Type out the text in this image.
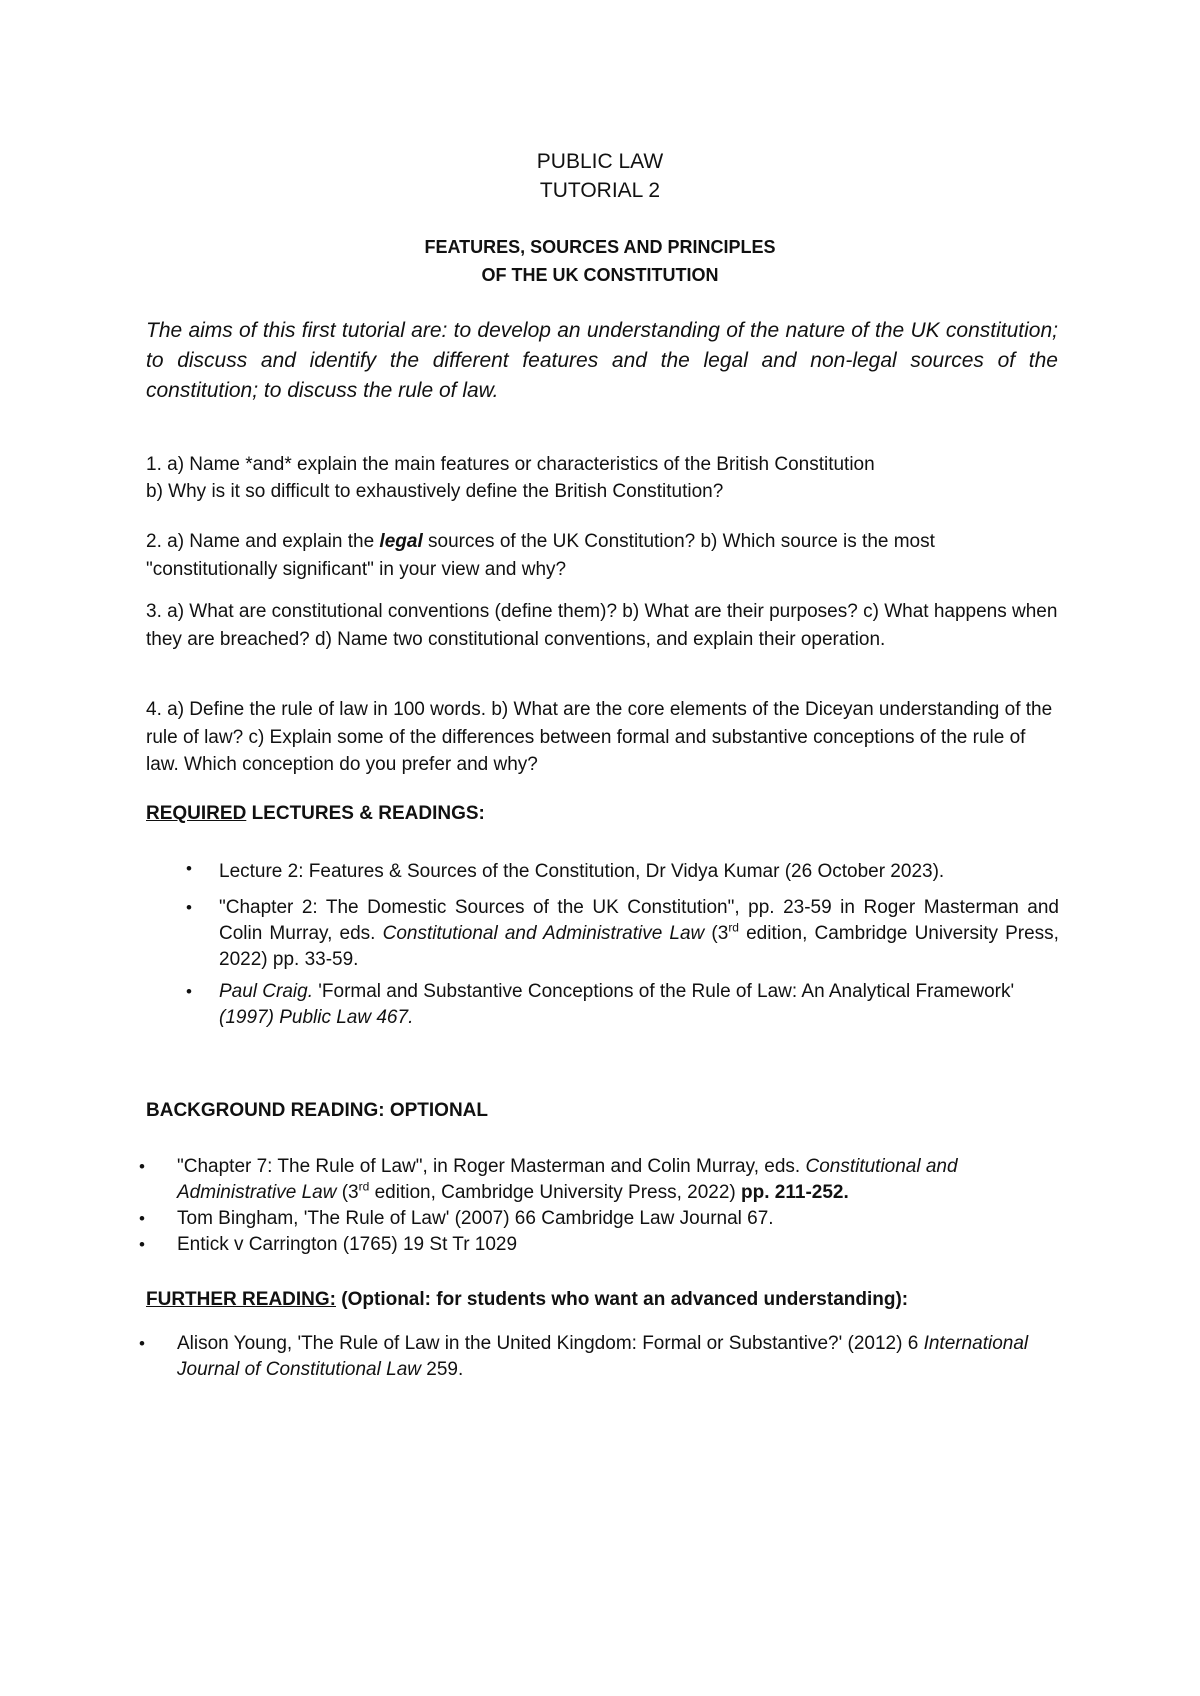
PUBLIC LAW
TUTORIAL 2
FEATURES, SOURCES AND PRINCIPLES
OF THE UK CONSTITUTION
The aims of this first tutorial are: to develop an understanding of the nature of the UK constitution; to discuss and identify the different features and the legal and non-legal sources of the constitution; to discuss the rule of law.
1. a) Name *and* explain the main features or characteristics of the British Constitution
b) Why is it so difficult to exhaustively define the British Constitution?
2. a) Name and explain the legal sources of the UK Constitution? b) Which source is the most "constitutionally significant" in your view and why?
3. a) What are constitutional conventions (define them)? b) What are their purposes? c) What happens when they are breached? d) Name two constitutional conventions, and explain their operation.
4. a) Define the rule of law in 100 words. b) What are the core elements of the Diceyan understanding of the rule of law? c) Explain some of the differences between formal and substantive conceptions of the rule of law. Which conception do you prefer and why?
REQUIRED LECTURES & READINGS:
• Lecture 2: Features & Sources of the Constitution, Dr Vidya Kumar (26 October 2023).
• "Chapter 2: The Domestic Sources of the UK Constitution", pp. 23-59 in Roger Masterman and Colin Murray, eds. Constitutional and Administrative Law (3rd edition, Cambridge University Press, 2022) pp. 33-59.
• Paul Craig. 'Formal and Substantive Conceptions of the Rule of Law: An Analytical Framework' (1997) Public Law 467.
BACKGROUND READING: OPTIONAL
• "Chapter 7: The Rule of Law", in Roger Masterman and Colin Murray, eds. Constitutional and Administrative Law (3rd edition, Cambridge University Press, 2022) pp. 211-252.
• Tom Bingham, 'The Rule of Law' (2007) 66 Cambridge Law Journal 67.
• Entick v Carrington (1765) 19 St Tr 1029
FURTHER READING: (Optional: for students who want an advanced understanding):
• Alison Young, 'The Rule of Law in the United Kingdom: Formal or Substantive?' (2012) 6 International Journal of Constitutional Law 259.
